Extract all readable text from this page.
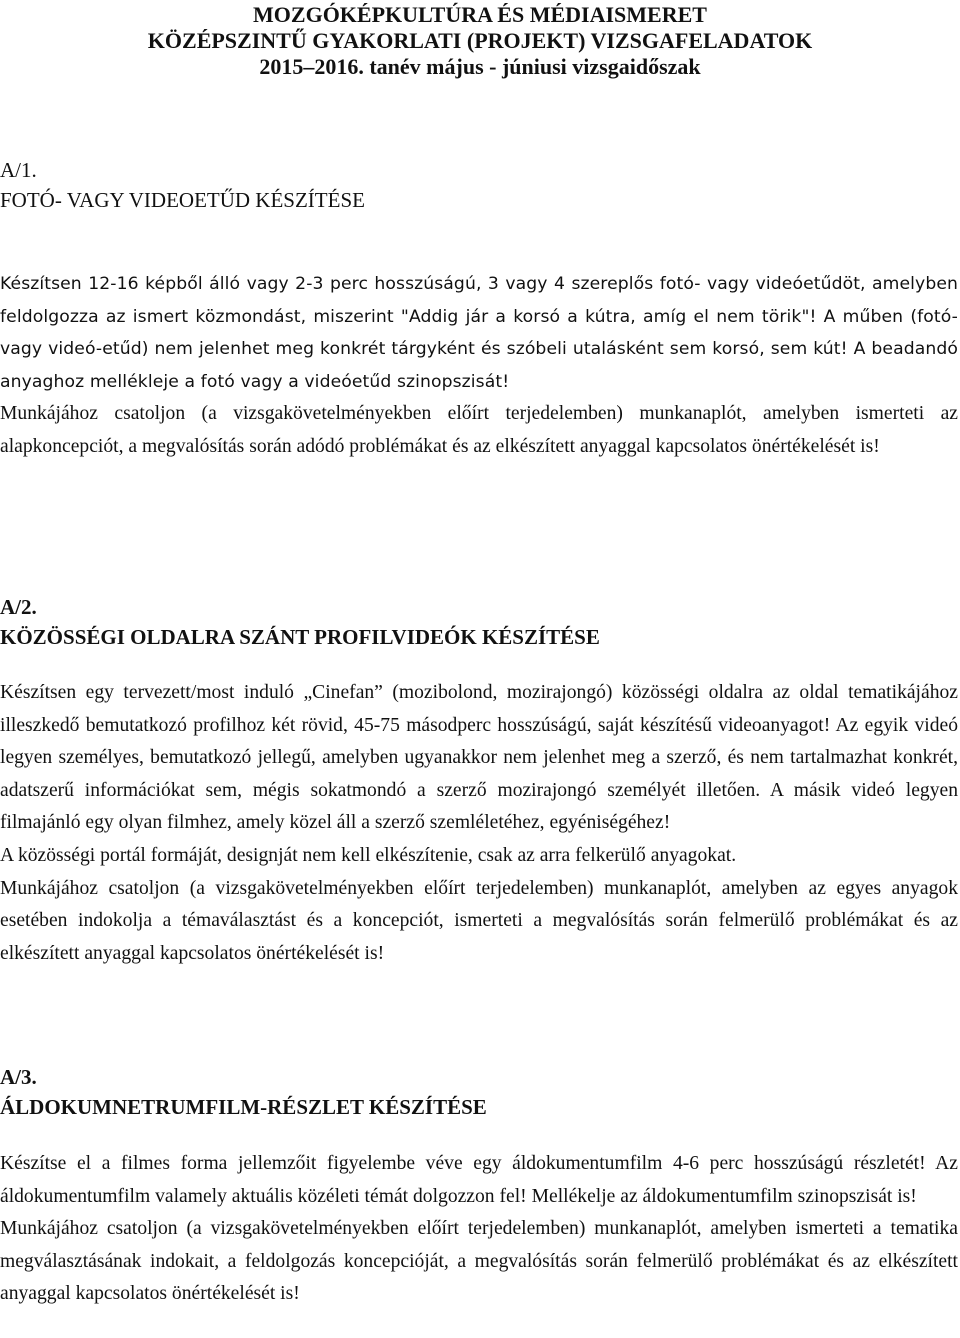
MOZGÓKÉPKULTÚRA ÉS MÉDIAISMERET
KÖZÉPSZINTŰ GYAKORLATI (PROJEKT) VIZSGAFELADATOK
2015–2016. tanév május - júniusi vizsgaidőszak
A/1.
FOTÓ- VAGY VIDEOETŰD KÉSZÍTÉSE

Készítsen 12-16 képből álló vagy 2-3 perc hosszúságú, 3 vagy 4 szereplős fotó- vagy videóetűdöt, amelyben feldolgozza az ismert közmondást, miszerint "Addig jár a korsó a kútra, amíg el nem törik"! A műben (fotó- vagy videó-etűd) nem jelenhet meg konkrét tárgyként és szóbeli utalásként sem korsó, sem kút! A beadandó anyaghoz mellékleje a fotó vagy a videóetűd szinopszisát!

Munkájához csatoljon (a vizsgakövetelményekben előírt terjedelemben) munkanaplót, amelyben ismerteti az alapkoncepciót, a megvalósítás során adódó problémákat és az elkészített anyaggal kapcsolatos önértékelését is!

A/2.
KÖZÖSSÉGI OLDALRA SZÁNT PROFILVIDEÓK KÉSZÍTÉSE

Készítsen egy tervezett/most induló „Cinefan” (mozibolond, mozirajongó) közösségi oldalra az oldal tematikájához illeszkedő bemutatkozó profilhoz két rövid, 45-75 másodperc hosszúságú, saját készítésű videoanyagot! Az egyik videó legyen személyes, bemutatkozó jellegű, amelyben ugyanakkor nem jelenhet meg a szerző, és nem tartalmazhat konkrét, adatszerű információkat sem, mégis sokatmondó a szerző mozirajongó személyét illetően. A másik videó legyen filmajánló egy olyan filmhez, amely közel áll a szerző szemléletéhez, egyéniségéhez!

A közösségi portál formáját, designját nem kell elkészítenie, csak az arra felkerülő anyagokat.

Munkájához csatoljon (a vizsgakövetelményekben előírt terjedelemben) munkanaplót, amelyben az egyes anyagok esetében indokolja a témaválasztást és a koncepciót, ismerteti a megvalósítás során felmerülő problémákat és az elkészített anyaggal kapcsolatos önértékelését is!

A/3.
ÁLDOKUMNETRUMFILM-RÉSZLET KÉSZÍTÉSE

Készítse el a filmes forma jellemzőit figyelembe véve egy áldokumentumfilm 4-6 perc hosszúságú részletét! Az áldokumentumfilm valamely aktuális közéleti témát dolgozzon fel! Mellékelje az áldokumentumfilm szinopszisát is!

Munkájához csatoljon (a vizsgakövetelményekben előírt terjedelemben) munkanaplót, amelyben ismerteti a tematika megválasztásának indokait, a feldolgozás koncepcióját, a megvalósítás során felmerülő problémákat és az elkészített anyaggal kapcsolatos önértékelését is!
